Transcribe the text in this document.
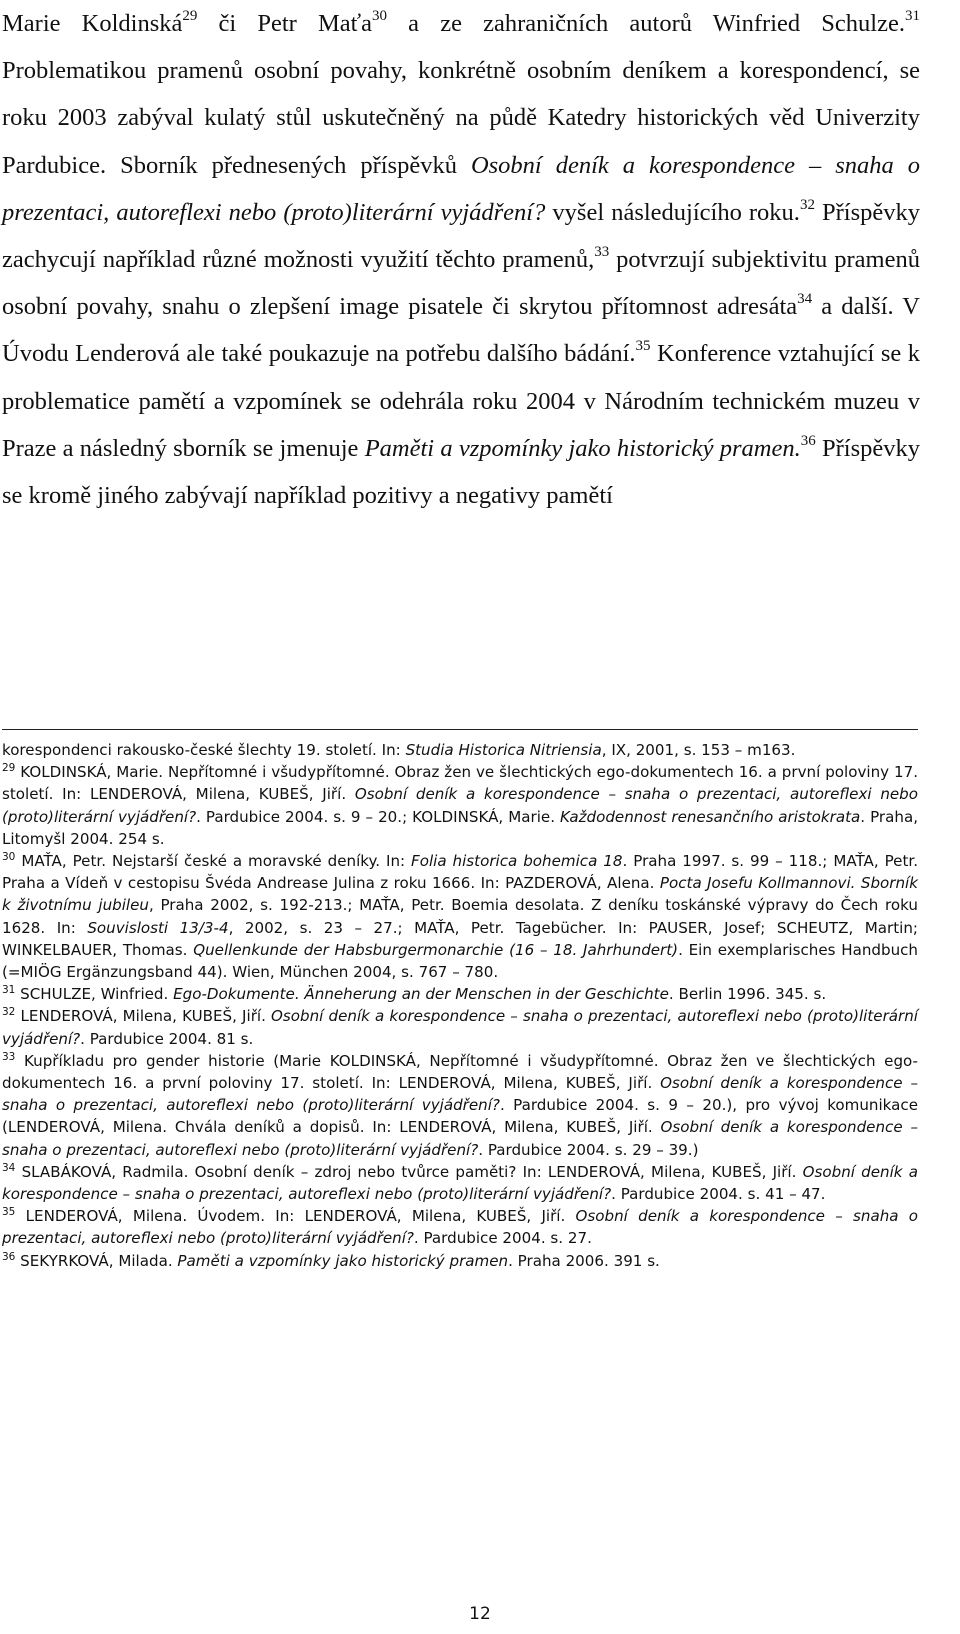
Marie Koldinská$^{29}$ či Petr Maťa$^{30}$ a ze zahraničních autorů Winfried Schulze.$^{31}$ Problematikou pramenů osobní povahy, konkrétně osobním deníkem a korespondencí, se roku 2003 zabýval kulatý stůl uskutečněný na půdě Katedry historických věd Univerzity Pardubice. Sborník přednesených příspěvků Osobní deník a korespondence – snaha o prezentaci, autoreflexi nebo (proto)literární vyjádření? vyšel následujícího roku.$^{32}$ Příspěvky zachycují například různé možnosti využití těchto pramenů,$^{33}$ potvrzují subjektivitu pramenů osobní povahy, snahu o zlepšení image pisatele či skrytou přítomnost adresáta$^{34}$ a další. V Úvodu Lenderová ale také poukazuje na potřebu dalšího bádání.$^{35}$ Konference vztahující se k problematice pamětí a vzpomínek se odehrála roku 2004 v Národním technickém muzeu v Praze a následný sborník se jmenuje Paměti a vzpomínky jako historický pramen.$^{36}$ Příspěvky se kromě jiného zabývají například pozitivy a negativy pamětí

korespondenci rakousko-české šlechty 19. století. In: Studia Historica Nitriensia, IX, 2001, s. 153 – m163.

$^{29}$ KOLDINSKÁ, Marie. Nepřítomné i všudypřítomné. Obraz žen ve šlechtických ego-dokumentech 16. a první poloviny 17. století. In: LENDEROVÁ, Milena, KUBEŠ, Jiří. Osobní deník a korespondence – snaha o prezentaci, autoreflexi nebo (proto)literární vyjádření?. Pardubice 2004. s. 9 – 20.; KOLDINSKÁ, Marie. Každodennost renesančního aristokrata. Praha, Litomyšl 2004. 254 s.

$^{30}$ MAŤA, Petr. Nejstarší české a moravské deníky. In: Folia historica bohemica 18. Praha 1997. s. 99 – 118.; MAŤA, Petr. Praha a Vídeň v cestopisu Švéda Andrease Julina z roku 1666. In: PAZDEROVÁ, Alena. Pocta Josefu Kollmannovi. Sborník k životnímu jubileu, Praha 2002, s. 192-213.; MAŤA, Petr. Boemia desolata. Z deníku toskánské výpravy do Čech roku 1628. In: Souvislosti 13/3-4, 2002, s. 23 – 27.; MAŤA, Petr. Tagebücher. In: PAUSER, Josef; SCHEUTZ, Martin; WINKELBAUER, Thomas. Quellenkunde der Habsburgermonarchie (16 – 18. Jahrhundert). Ein exemplarisches Handbuch (=MIÖG Ergänzungsband 44). Wien, München 2004, s. 767 – 780.

$^{31}$ SCHULZE, Winfried. Ego-Dokumente. Änneherung an der Menschen in der Geschichte. Berlin 1996. 345. s.

$^{32}$ LENDEROVÁ, Milena, KUBEŠ, Jiří. Osobní deník a korespondence – snaha o prezentaci, autoreflexi nebo (proto)literární vyjádření?. Pardubice 2004. 81 s.

$^{33}$ Kupříkladu pro gender historie (Marie KOLDINSKÁ, Nepřítomné i všudypřítomné. Obraz žen ve šlechtických ego-dokumentech 16. a první poloviny 17. století. In: LENDEROVÁ, Milena, KUBEŠ, Jiří. Osobní deník a korespondence – snaha o prezentaci, autoreflexi nebo (proto)literární vyjádření?. Pardubice 2004. s. 9 – 20.), pro vývoj komunikace (LENDEROVÁ, Milena. Chvála deníků a dopisů. In: LENDEROVÁ, Milena, KUBEŠ, Jiří. Osobní deník a korespondence – snaha o prezentaci, autoreflexi nebo (proto)literární vyjádření?. Pardubice 2004. s. 29 – 39.)

$^{34}$ SLABÁKOVÁ, Radmila. Osobní deník – zdroj nebo tvůrce paměti? In: LENDEROVÁ, Milena, KUBEŠ, Jiří. Osobní deník a korespondence – snaha o prezentaci, autoreflexi nebo (proto)literární vyjádření?. Pardubice 2004. s. 41 – 47.

$^{35}$ LENDEROVÁ, Milena. Úvodem. In: LENDEROVÁ, Milena, KUBEŠ, Jiří. Osobní deník a korespondence – snaha o prezentaci, autoreflexi nebo (proto)literární vyjádření?. Pardubice 2004. s. 27.

$^{36}$ SEKYRKOVÁ, Milada. Paměti a vzpomínky jako historický pramen. Praha 2006. 391 s.

12
